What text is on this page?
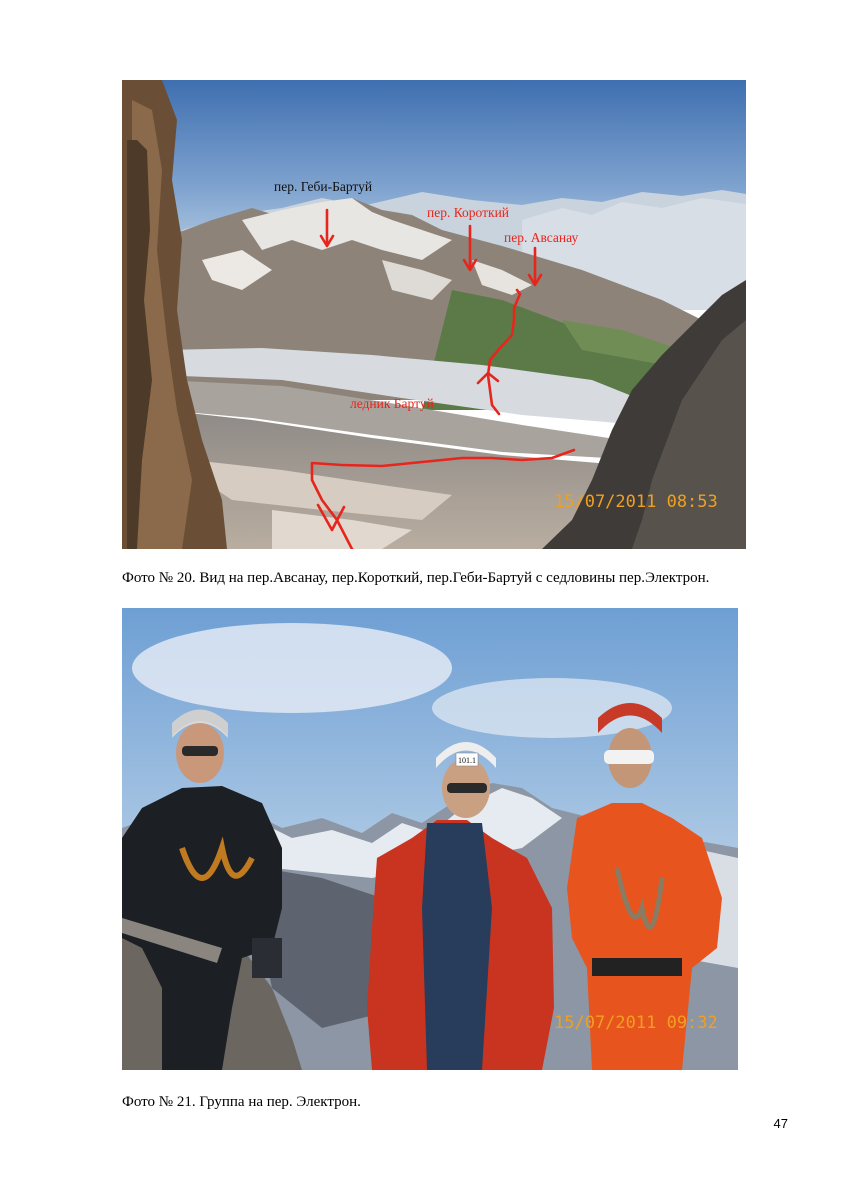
пер. Геби-Бартуй
пер. Короткий
пер. Авсанау
ледник Бартуй
15/07/2011 08:53
Фото № 20. Вид на пер.Авсанау, пер.Короткий, пер.Геби-Бартуй с седловины пер.Электрон.
101.1
15/07/2011 09:32
Фото № 21. Группа на пер. Электрон.
47
